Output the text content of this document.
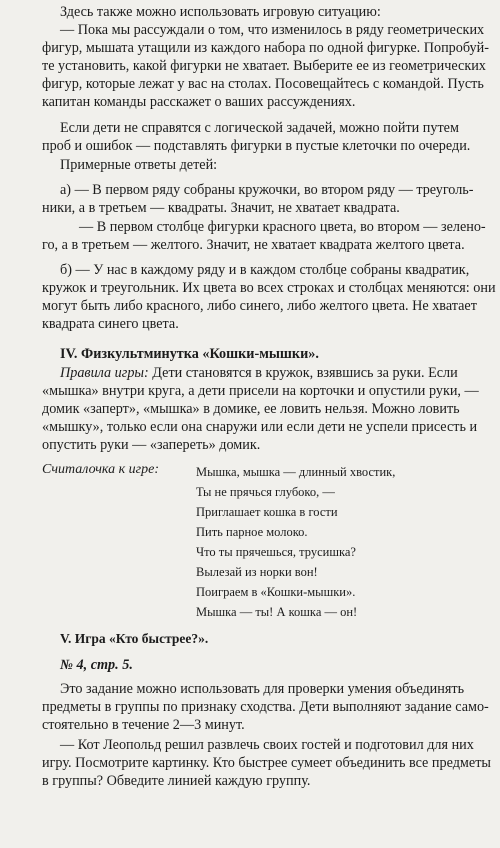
Здесь также можно использовать игровую ситуацию:
— Пока мы рассуждали о том, что изменилось в ряду геометрических
фигур, мышата утащили из каждого набора по одной фигурке. Попробуй-
те установить, какой фигурки не хватает. Выберите ее из геометрических
фигур, которые лежат у вас на столах. Посовещайтесь с командой. Пусть
капитан команды расскажет о ваших рассуждениях.
Если дети не справятся с логической задачей, можно пойти путем
проб и ошибок — подставлять фигурки в пустые клеточки по очереди.
Примерные ответы детей:
а) — В первом ряду собраны кружочки, во втором ряду — треуголь-
ники, а в третьем — квадраты. Значит, не хватает квадрата.
— В первом столбце фигурки красного цвета, во втором — зелено-
го, а в третьем — желтого. Значит, не хватает квадрата желтого цвета.
б) — У нас в каждому ряду и в каждом столбце собраны квадратик,
кружок и треугольник. Их цвета во всех строках и столбцах меняются: они
могут быть либо красного, либо синего, либо желтого цвета. Не хватает
квадрата синего цвета.
IV. Физкультминутка «Кошки-мышки».
Правила игры: Дети становятся в кружок, взявшись за руки. Если
«мышка» внутри круга, а дети присели на корточки и опустили руки, —
домик «заперт», «мышка» в домике, ее ловить нельзя. Можно ловить
«мышку», только если она снаружи или если дети не успели присесть и
опустить руки — «запереть» домик.
Считалочка к игре:	Мышка, мышка — длинный хвостик,
Ты не прячься глубоко, —
Приглашает кошка в гости
Пить парное молоко.
Что ты прячешься, трусишка?
Вылезай из норки вон!
Поиграем в «Кошки-мышки».
Мышка — ты! А кошка — он!
V. Игра «Кто быстрее?».
№ 4, стр. 5.
Это задание можно использовать для проверки умения объединять
предметы в группы по признаку сходства. Дети выполняют задание само-
стоятельно в течение 2—3 минут.
— Кот Леопольд решил развлечь своих гостей и подготовил для них
игру. Посмотрите картинку. Кто быстрее сумеет объединить все предметы
в группы? Обведите линией каждую группу.
